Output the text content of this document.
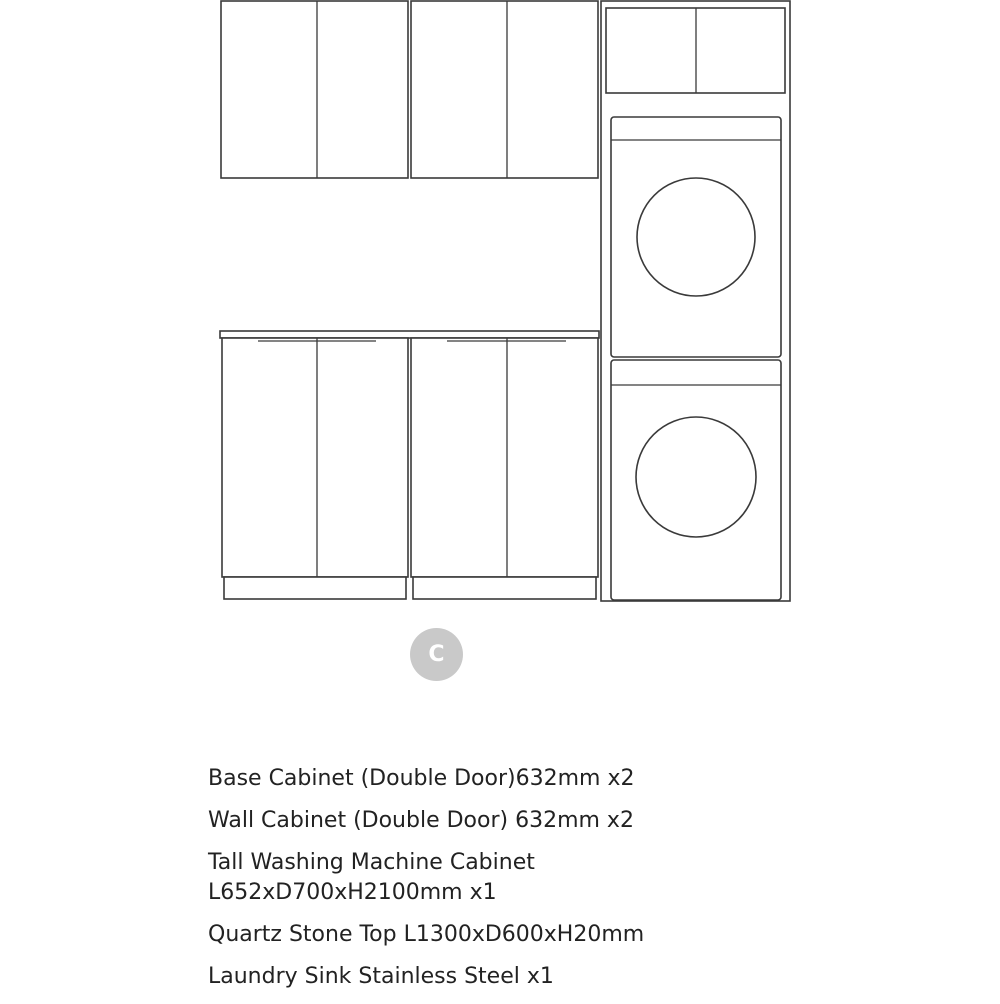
C
Base Cabinet (Double Door)632mm x2
Wall Cabinet (Double Door) 632mm x2
Tall Washing Machine Cabinet
L652xD700xH2100mm x1
Quartz Stone Top L1300xD600xH20mm
Laundry Sink Stainless Steel x1
